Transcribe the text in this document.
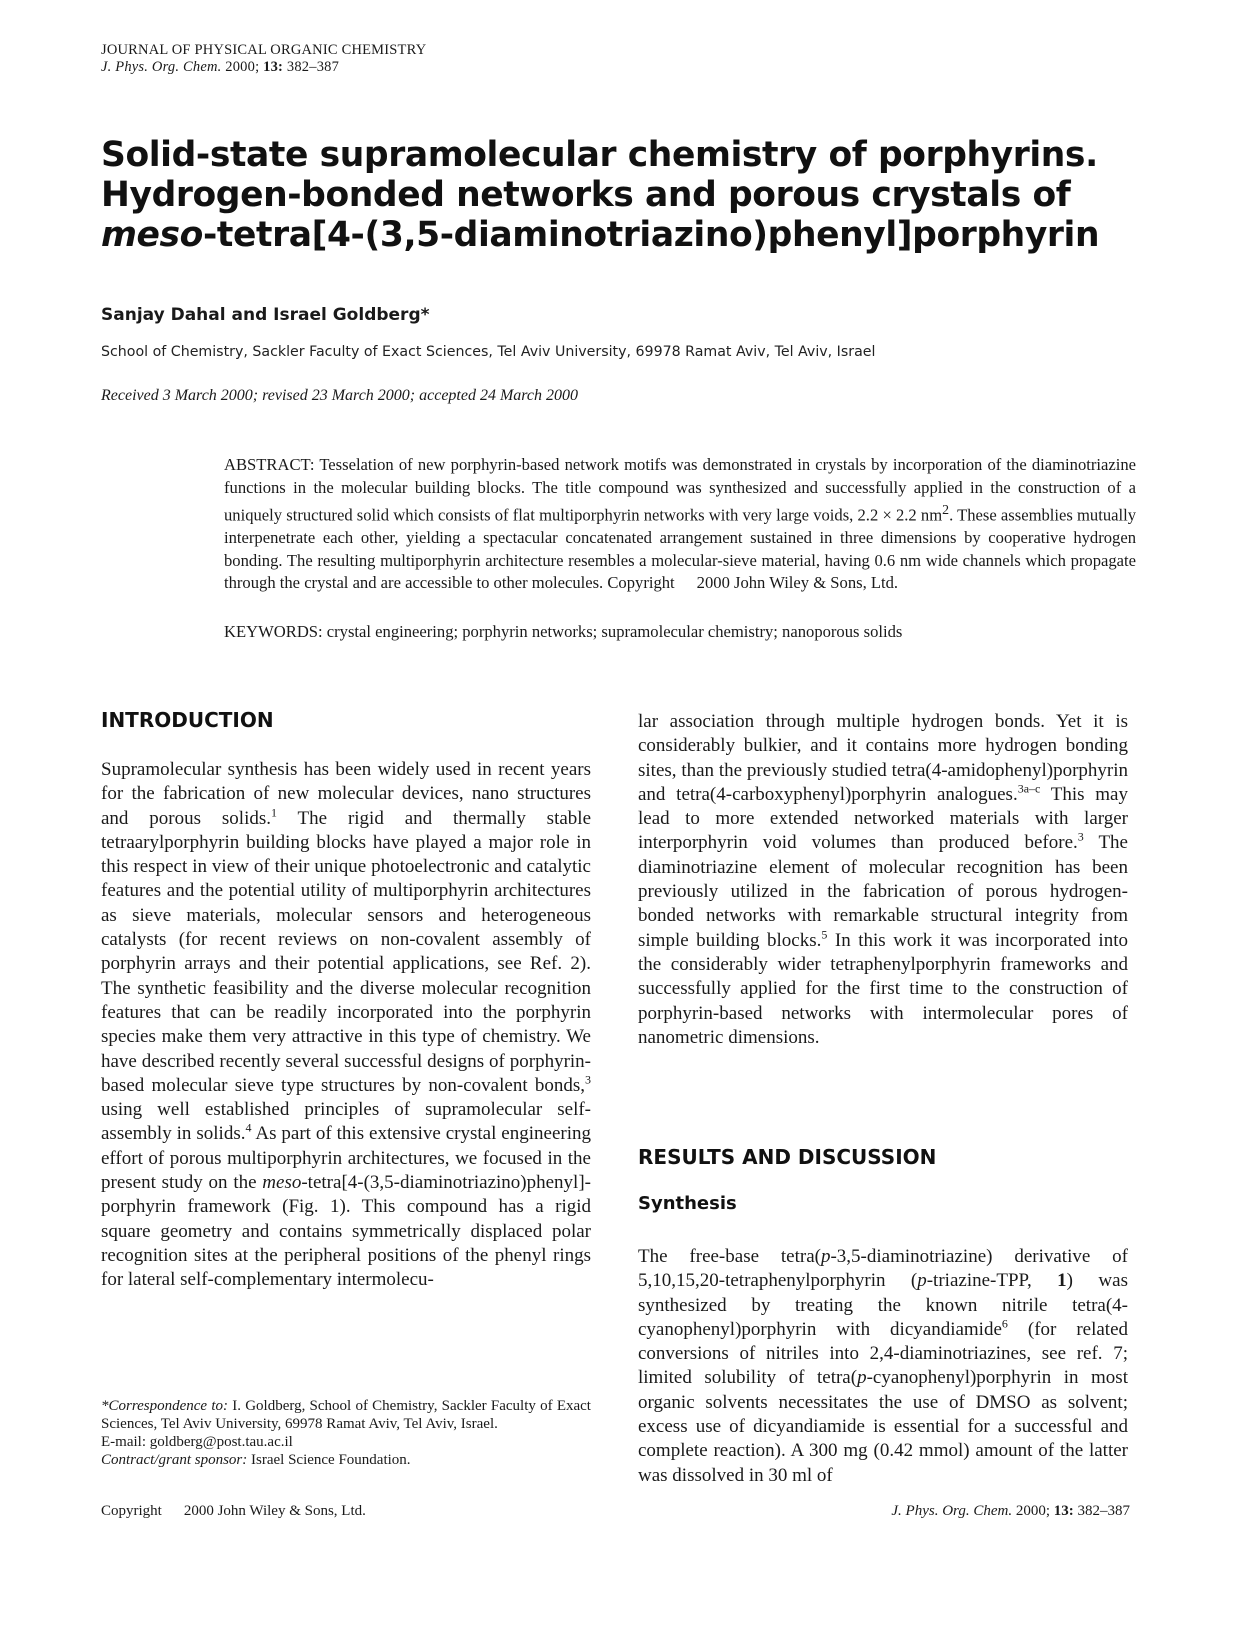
JOURNAL OF PHYSICAL ORGANIC CHEMISTRY
J. Phys. Org. Chem. 2000; 13: 382–387
Solid-state supramolecular chemistry of porphyrins.
Hydrogen-bonded networks and porous crystals of
meso-tetra[4-(3,5-diaminotriazino)phenyl]porphyrin
Sanjay Dahal and Israel Goldberg*
School of Chemistry, Sackler Faculty of Exact Sciences, Tel Aviv University, 69978 Ramat Aviv, Tel Aviv, Israel
Received 3 March 2000; revised 23 March 2000; accepted 24 March 2000
ABSTRACT: Tesselation of new porphyrin-based network motifs was demonstrated in crystals by incorporation of the diaminotriazine functions in the molecular building blocks. The title compound was synthesized and successfully applied in the construction of a uniquely structured solid which consists of flat multiporphyrin networks with very large voids, 2.2 × 2.2 $nm^2$. These assemblies mutually interpenetrate each other, yielding a spectacular concatenated arrangement sustained in three dimensions by cooperative hydrogen bonding. The resulting multiporphyrin architecture resembles a molecular-sieve material, having 0.6 nm wide channels which propagate through the crystal and are accessible to other molecules. Copyright 2000 John Wiley & Sons, Ltd.
KEYWORDS: crystal engineering; porphyrin networks; supramolecular chemistry; nanoporous solids
INTRODUCTION
Supramolecular synthesis has been widely used in recent years for the fabrication of new molecular devices, nano structures and porous solids.$^1$ The rigid and thermally stable tetraarylporphyrin building blocks have played a major role in this respect in view of their unique photoelectronic and catalytic features and the potential utility of multiporphyrin architectures as sieve materials, molecular sensors and heterogeneous catalysts (for recent reviews on non-covalent assembly of porphyrin arrays and their potential applications, see Ref. 2). The synthetic feasibility and the diverse molecular recognition features that can be readily incorporated into the porphyrin species make them very attractive in this type of chemistry. We have described recently several successful designs of porphyrin-based molecular sieve type structures by non-covalent bonds,$^3$ using well established principles of supramolecular self-assembly in solids.$^4$ As part of this extensive crystal engineering effort of porous multiporphyrin architectures, we focused in the present study on the meso-tetra[4-(3,5-diaminotriazino)phenyl]-porphyrin framework (Fig. 1). This compound has a rigid square geometry and contains symmetrically displaced polar recognition sites at the peripheral positions of the phenyl rings for lateral self-complementary intermolecu-
lar association through multiple hydrogen bonds. Yet it is considerably bulkier, and it contains more hydrogen bonding sites, than the previously studied tetra(4-amidophenyl)porphyrin and tetra(4-carboxyphenyl)porphyrin analogues.$^{3a-c}$ This may lead to more extended networked materials with larger interporphyrin void volumes than produced before.$^3$ The diaminotriazine element of molecular recognition has been previously utilized in the fabrication of porous hydrogen-bonded networks with remarkable structural integrity from simple building blocks.$^5$ In this work it was incorporated into the considerably wider tetraphenylporphyrin frameworks and successfully applied for the first time to the construction of porphyrin-based networks with intermolecular pores of nanometric dimensions.
RESULTS AND DISCUSSION
Synthesis
The free-base tetra(p-3,5-diaminotriazine) derivative of 5,10,15,20-tetraphenylporphyrin (p-triazine-TPP, 1) was synthesized by treating the known nitrile tetra(4-cyanophenyl)porphyrin with dicyandiamide$^6$ (for related conversions of nitriles into 2,4-diaminotriazines, see ref. 7; limited solubility of tetra(p-cyanophenyl)porphyrin in most organic solvents necessitates the use of DMSO as solvent; excess use of dicyandiamide is essential for a successful and complete reaction). A 300 mg (0.42 mmol) amount of the latter was dissolved in 30 ml of
*Correspondence to: I. Goldberg, School of Chemistry, Sackler Faculty of Exact Sciences, Tel Aviv University, 69978 Ramat Aviv, Tel Aviv, Israel.
E-mail: goldberg@post.tau.ac.il
Contract/grant sponsor: Israel Science Foundation.
Copyright 2000 John Wiley & Sons, Ltd.	J. Phys. Org. Chem. 2000; 13: 382–387
